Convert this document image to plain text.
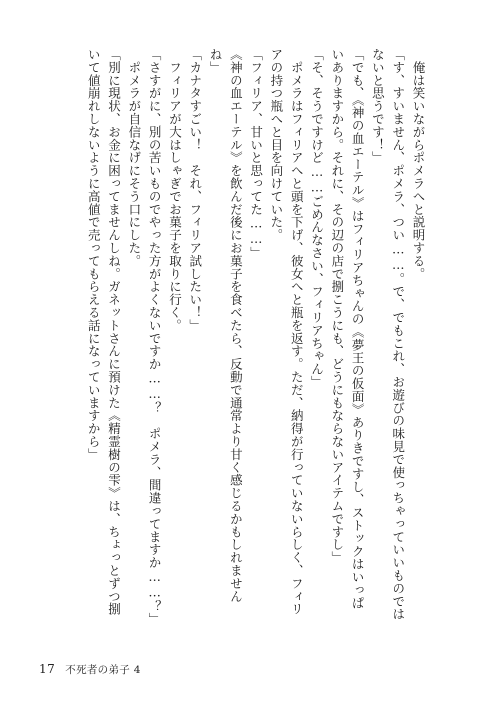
俺は笑いながらポメラへと説明する。

「す、すいません、ポメラ、つい……。で、でもこれ、お遊びの味見で使っちゃっていいものでは

ないと思うです！」

「でも、《神の血エーテル》はフィリアちゃんの《夢王の仮面》ありきですし、ストックはいっぱ

いありますから。それに、その辺の店で捌こうにも、どうにもならないアイテムですし」

「そ、そうですけど……ごめんなさい、フィリアちゃん」

ポメラはフィリアへと頭を下げ、彼女へと瓶を返す。ただ、納得が行っていないらしく、フィリ

アの持つ瓶へと目を向けていた。

「フィリア、甘いと思ってた……」

《神の血エーテル》を飲んだ後にお菓子を食べたら、反動で通常より甘く感じるかもしれません

ね」

「カナタすごい！　それ、フィリア試したい！」

フィリアが大はしゃぎでお菓子を取りに行く。

「さすがに、別の苦いものでやった方がよくないですか……？　ポメラ、間違ってますか……？」

ポメラが自信なげにそう口にした。

「別に現状、お金に困ってませんしね。ガネットさんに預けた《精霊樹の雫》は、ちょっとずつ捌

いて値崩れしないように高値で売ってもらえる話になっていますから」

17 不死者の弟子 4
